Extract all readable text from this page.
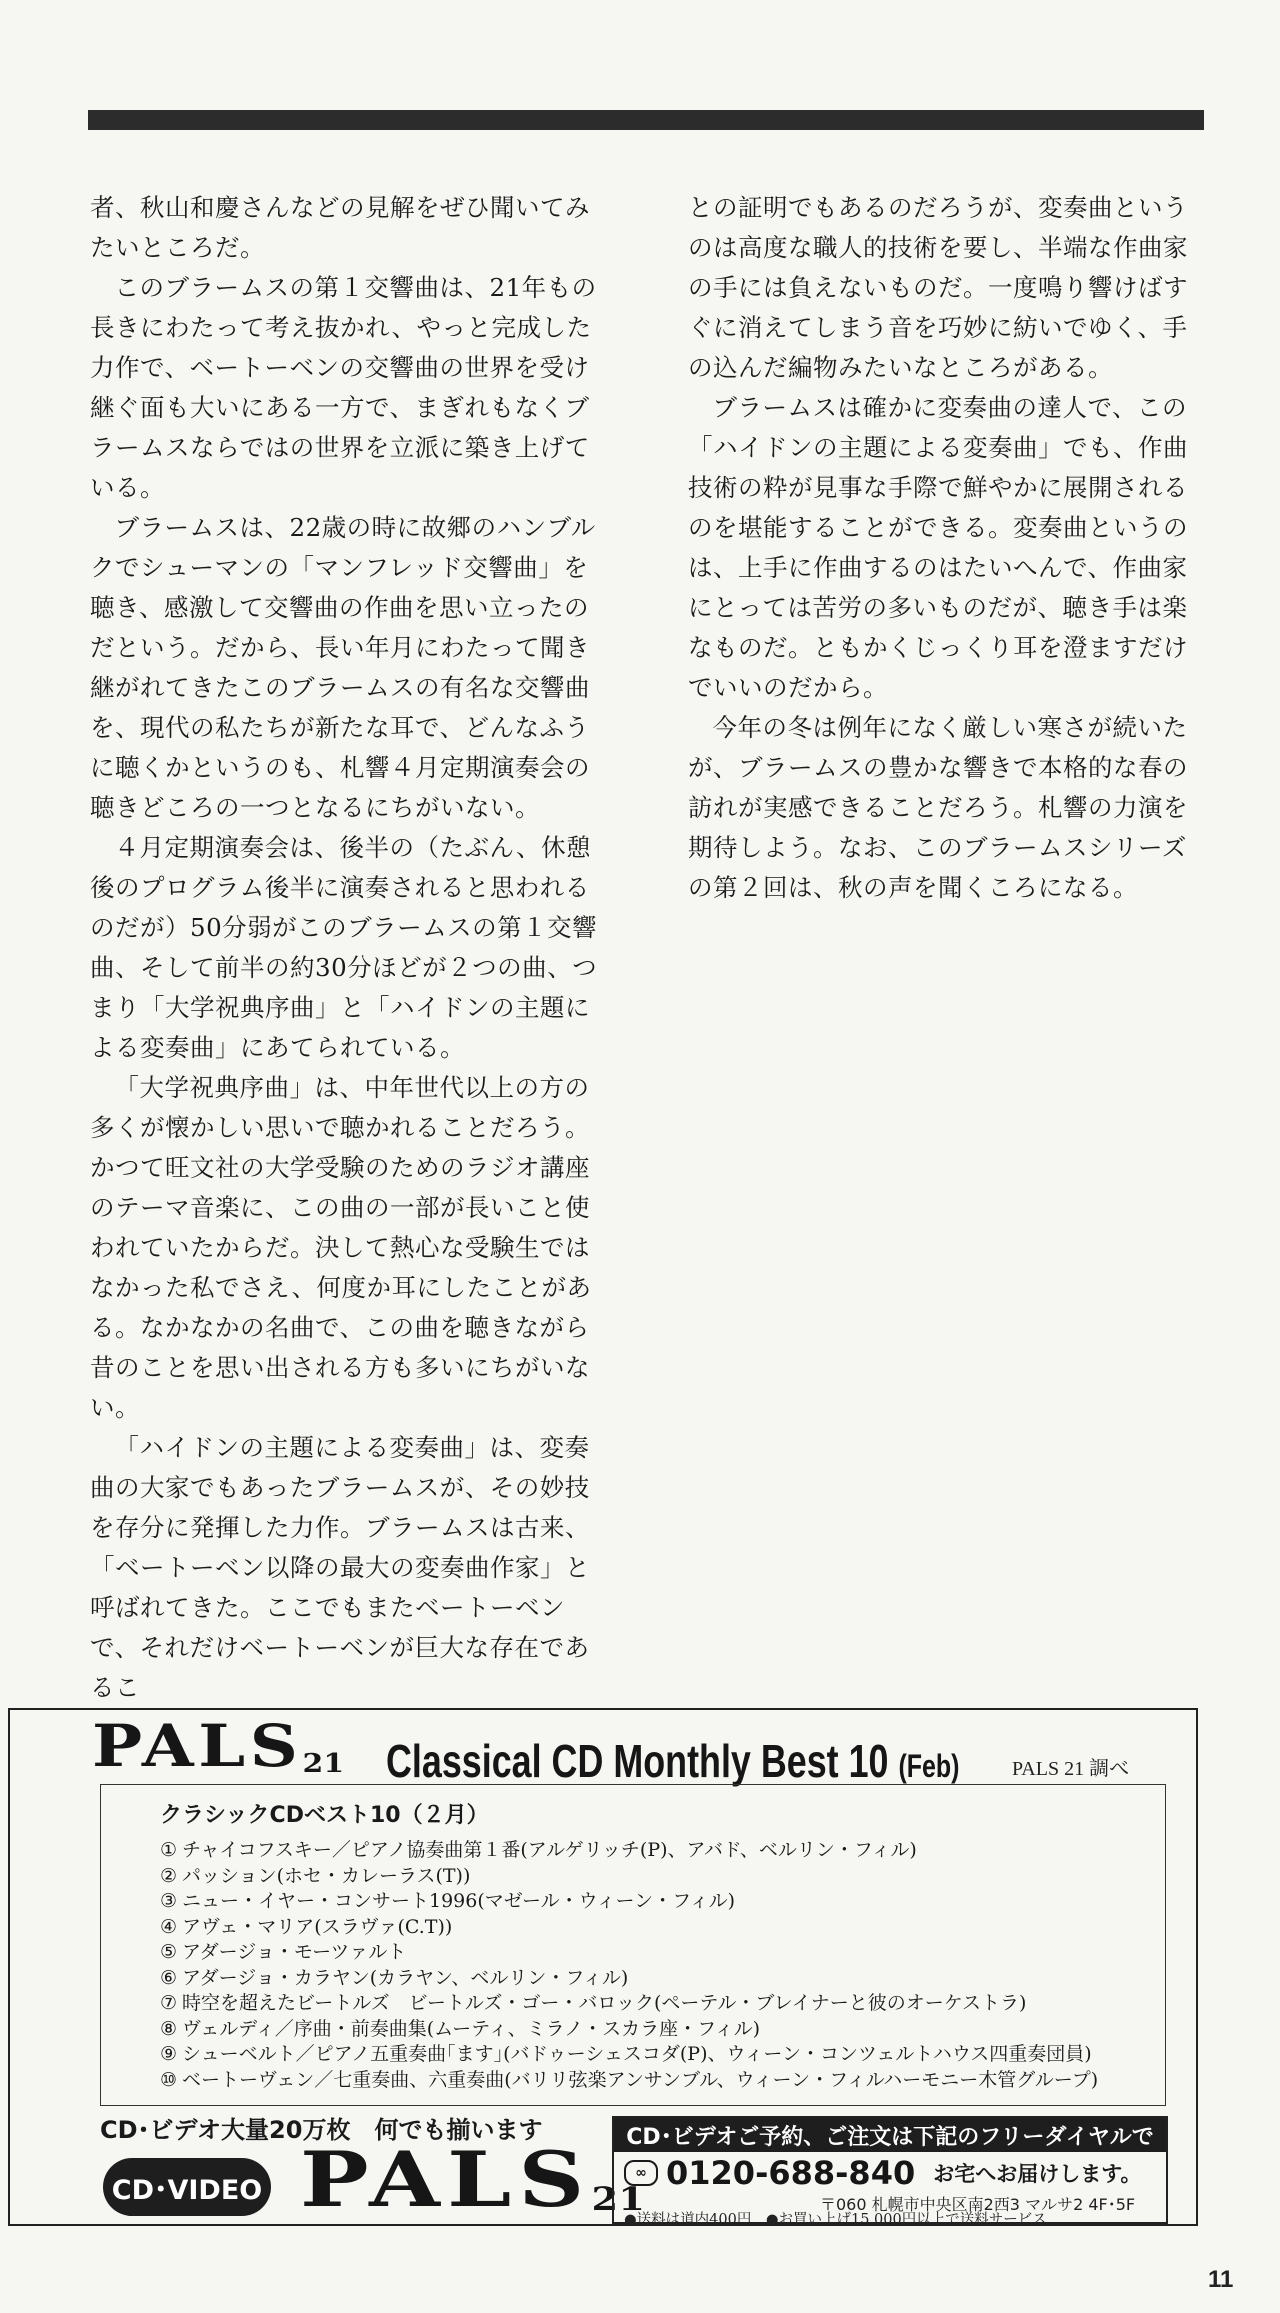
者、秋山和慶さんなどの見解をぜひ聞いてみたいところだ。

このブラームスの第１交響曲は、21年もの長きにわたって考え抜かれ、やっと完成した力作で、ベートーベンの交響曲の世界を受け継ぐ面も大いにある一方で、まぎれもなくブラームスならではの世界を立派に築き上げている。

ブラームスは、22歳の時に故郷のハンブルクでシューマンの「マンフレッド交響曲」を聴き、感激して交響曲の作曲を思い立ったのだという。だから、長い年月にわたって聞き継がれてきたこのブラームスの有名な交響曲を、現代の私たちが新たな耳で、どんなふうに聴くかというのも、札響４月定期演奏会の聴きどころの一つとなるにちがいない。

４月定期演奏会は、後半の（たぶん、休憩後のプログラム後半に演奏されると思われるのだが）50分弱がこのブラームスの第１交響曲、そして前半の約30分ほどが２つの曲、つまり「大学祝典序曲」と「ハイドンの主題による変奏曲」にあてられている。

「大学祝典序曲」は、中年世代以上の方の多くが懐かしい思いで聴かれることだろう。かつて旺文社の大学受験のためのラジオ講座のテーマ音楽に、この曲の一部が長いこと使われていたからだ。決して熱心な受験生ではなかった私でさえ、何度か耳にしたことがある。なかなかの名曲で、この曲を聴きながら昔のことを思い出される方も多いにちがいない。

「ハイドンの主題による変奏曲」は、変奏曲の大家でもあったブラームスが、その妙技を存分に発揮した力作。ブラームスは古来、「ベートーベン以降の最大の変奏曲作家」と呼ばれてきた。ここでもまたベートーベンで、それだけベートーベンが巨大な存在であるこ

との証明でもあるのだろうが、変奏曲というのは高度な職人的技術を要し、半端な作曲家の手には負えないものだ。一度鳴り響けばすぐに消えてしまう音を巧妙に紡いでゆく、手の込んだ編物みたいなところがある。

ブラームスは確かに変奏曲の達人で、この「ハイドンの主題による変奏曲」でも、作曲技術の粋が見事な手際で鮮やかに展開されるのを堪能することができる。変奏曲というのは、上手に作曲するのはたいへんで、作曲家にとっては苦労の多いものだが、聴き手は楽なものだ。ともかくじっくり耳を澄ますだけでいいのだから。

今年の冬は例年になく厳しい寒さが続いたが、ブラームスの豊かな響きで本格的な春の訪れが実感できることだろう。札響の力演を期待しよう。なお、このブラームスシリーズの第２回は、秋の声を聞くころになる。

$PALS_{21}$ Classical CD Monthly Best 10 (Feb)	PALS 21 調べ
クラシックCDベスト10（２月）
① チャイコフスキー／ピアノ協奏曲第１番(アルゲリッチ(P)、アバド、ベルリン・フィル)
② パッション(ホセ・カレーラス(T))
③ ニュー・イヤー・コンサート1996(マゼール・ウィーン・フィル)
④ アヴェ・マリア(スラヴァ(C.T))
⑤ アダージョ・モーツァルト
⑥ アダージョ・カラヤン(カラヤン、ベルリン・フィル)
⑦ 時空を超えたビートルズ　ビートルズ・ゴー・バロック(ペーテル・ブレイナーと彼のオーケストラ)
⑧ ヴェルディ／序曲・前奏曲集(ムーティ、ミラノ・スカラ座・フィル)
⑨ シューベルト／ピアノ五重奏曲｢ます｣(バドゥーシェスコダ(P)、ウィーン・コンツェルトハウス四重奏団員)
⑩ ベートーヴェン／七重奏曲、六重奏曲(バリリ弦楽アンサンブル、ウィーン・フィルハーモニー木管グループ)
CD･ビデオ大量20万枚　何でも揃います
CD･VIDEO $PALS_{21}$
CD･ビデオご予約、ご注文は下記のフリーダイヤルで
∞ 0120-688-840 お宅へお届けします。
〒060 札幌市中央区南2西3 マルサ2 4F･5F
●送料は道内400円　●お買い上げ15,000円以上で送料サービス
11
